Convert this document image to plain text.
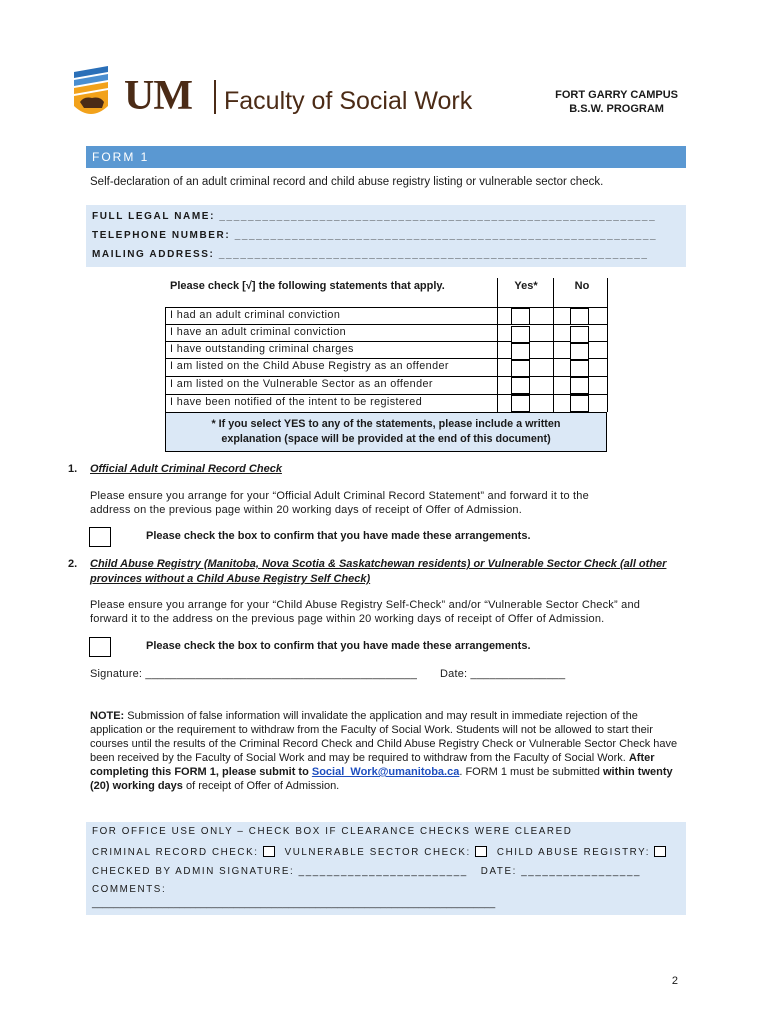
UM Faculty of Social Work	FORT GARRY CAMPUS
B.S.W. PROGRAM
FORM 1
Self-declaration of an adult criminal record and child abuse registry listing or vulnerable sector check.
FULL LEGAL NAME: _____________________________________________________________
TELEPHONE NUMBER: ___________________________________________________________
MAILING ADDRESS: ____________________________________________________________
Please check [√] the following statements that apply.	Yes*	No
I had an adult criminal conviction
I have an adult criminal conviction
I have outstanding criminal charges
I am listed on the Child Abuse Registry as an offender
I am listed on the Vulnerable Sector as an offender
I have been notified of the intent to be registered
* If you select YES to any of the statements, please include a written
explanation (space will be provided at the end of this document)
1. Official Adult Criminal Record Check
Please ensure you arrange for your “Official Adult Criminal Record Statement” and forward it to the
address on the previous page within 20 working days of receipt of Offer of Admission.
Please check the box to confirm that you have made these arrangements.
2. Child Abuse Registry (Manitoba, Nova Scotia & Saskatchewan residents) or Vulnerable Sector Check (all other
provinces without a Child Abuse Registry Self Check)
Please ensure you arrange for your “Child Abuse Registry Self-Check” and/or “Vulnerable Sector Check” and
forward it to the address on the previous page within 20 working days of receipt of Offer of Admission.
Please check the box to confirm that you have made these arrangements.
Signature: ___________________________________________ Date: _______________
NOTE: Submission of false information will invalidate the application and may result in immediate rejection of the application or the requirement to withdraw from the Faculty of Social Work. Students will not be allowed to start their courses until the results of the Criminal Record Check and Child Abuse Registry Check or Vulnerable Sector Check have been received by the Faculty of Social Work and may be required to withdraw from the Faculty of Social Work. After completing this FORM 1, please submit to Social_Work@umanitoba.ca. FORM 1 must be submitted within twenty (20) working days of receipt of Offer of Admission.
FOR OFFICE USE ONLY – CHECK BOX IF CLEARANCE CHECKS WERE CLEARED
CRIMINAL RECORD CHECK:	VULNERABLE SECTOR CHECK:	CHILD ABUSE REGISTRY:
CHECKED BY ADMIN SIGNATURE: ________________________ DATE: _________________
COMMENTS:
__________________________________________________________________________
2
